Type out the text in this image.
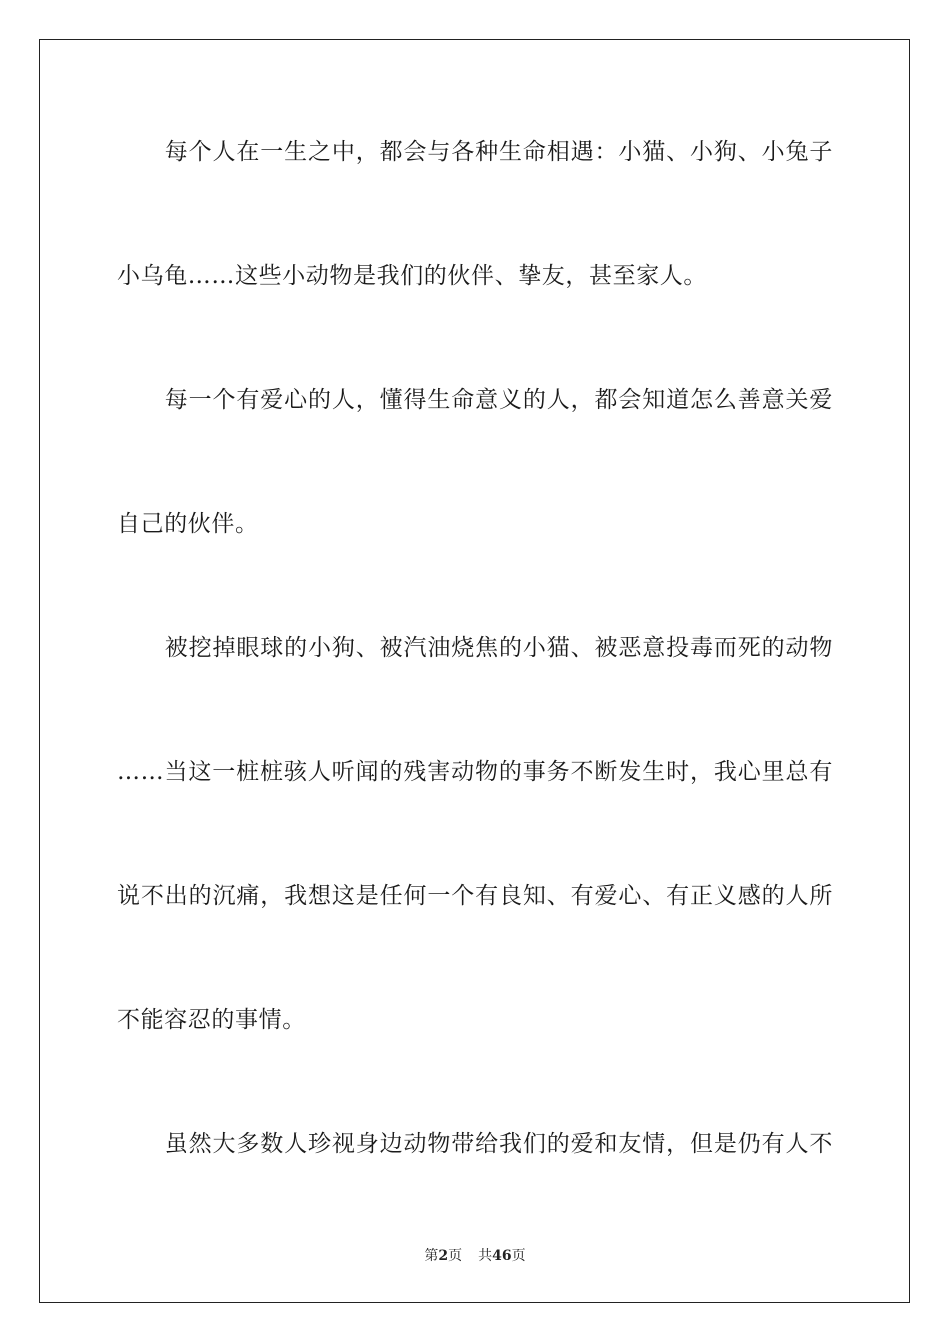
　　每个人在一生之中，都会与各种生命相遇：小猫、小狗、小兔子
小乌龟……这些小动物是我们的伙伴、挚友，甚至家人。
　　每一个有爱心的人，懂得生命意义的人，都会知道怎么善意关爱
自己的伙伴。
　　被挖掉眼球的小狗、被汽油烧焦的小猫、被恶意投毒而死的动物
……当这一桩桩骇人听闻的残害动物的事务不断发生时，我心里总有
说不出的沉痛，我想这是任何一个有良知、有爱心、有正义感的人所
不能容忍的事情。
　　虽然大多数人珍视身边动物带给我们的爱和友情，但是仍有人不
第2页 共46页
